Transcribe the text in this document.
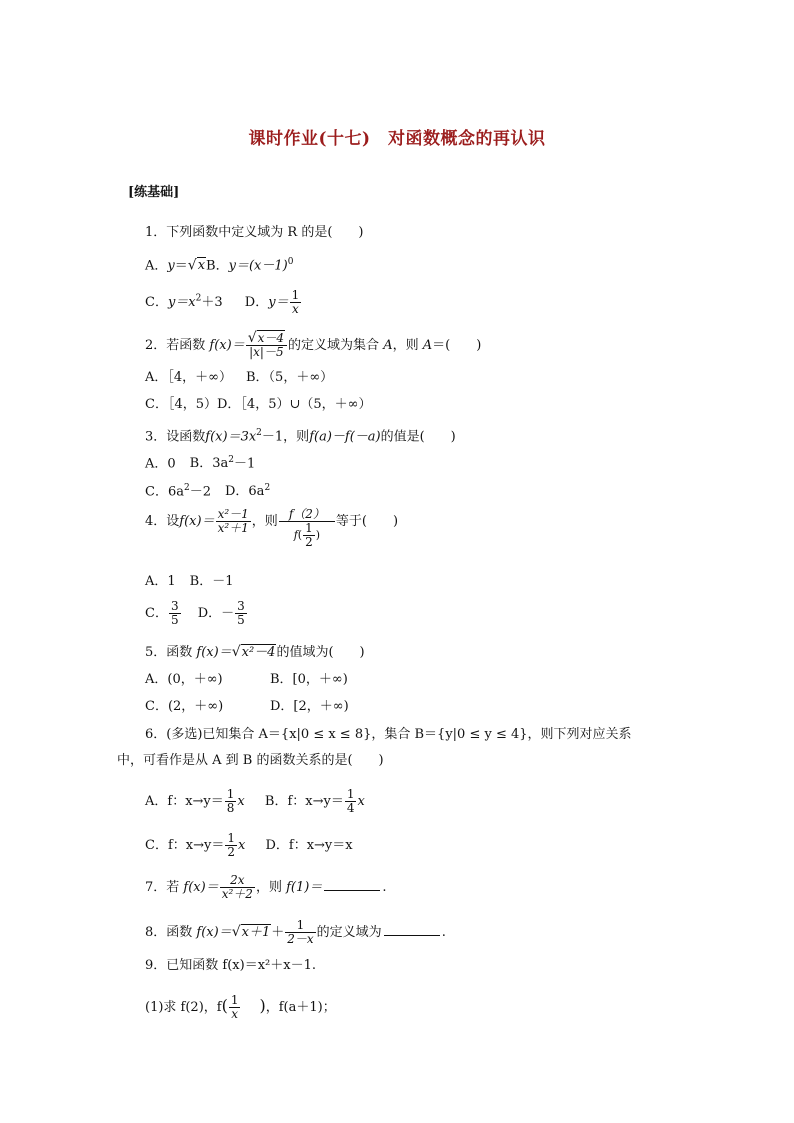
课时作业(十七)　对函数概念的再认识
[练基础]
1．下列函数中定义域为 R 的是(　　)
A．y＝√xB．$y=(x-1)^0$
C．$y=x^2+3$ D．$y= \frac{1}{x}$
2．若函数 $f(x)= \frac{√x-4}{|x|-5}$ 的定义域为集合 A，则 A＝(　　)
A．［4，＋∞） B．（5，＋∞）
C．［4，5）D．［4，5）∪（5，＋∞）
3．设函数$f(x)=3x^2-1$，则f(a)－f(－a)的值是(　　)
A．0 B．$3a^2-1$
C．$6a^2-2$ D．$6a^2$
4．设$f(x)= \frac{\text{x²－1}}{\text{x²＋1}}$ ，则 $\frac{f(2)}{f( \frac{1}{2} )}$ 等于(　　)
A．1 B．－1
C． $\frac{3}{5}$ D．－ $\frac{3}{5}$
5．函数 f(x)＝√x²－4的值域为(　　)
A．(0，＋∞)	B．[0，＋∞)
C．(2，＋∞)	D．[2，＋∞)
6．(多选)已知集合 A＝{x|0 ≤ x ≤ 8}，集合 B＝{y|0 ≤ y ≤ 4}，则下列对应关系
中，可看作是从 A 到 B 的函数关系的是(　　)
A．f：$x\to y= \frac{1}{8}$ x B．f：$x\to y= \frac{1}{4}$ x
C．f：$x\to y= \frac{1}{2}$ x D．f：x→y＝x
7．若 $f(x)= \frac{2x}{\text{x²＋2}}$ ，则 f(1)＝	.
8．函数 $f(x)=√x+1+ \frac{1}{2-x}$ 的定义域为	.
9．已知函数 f(x)＝x²＋x－1.
(1)求 f(2)，$f( \frac{1}{x}$ )，f(a＋1)；
